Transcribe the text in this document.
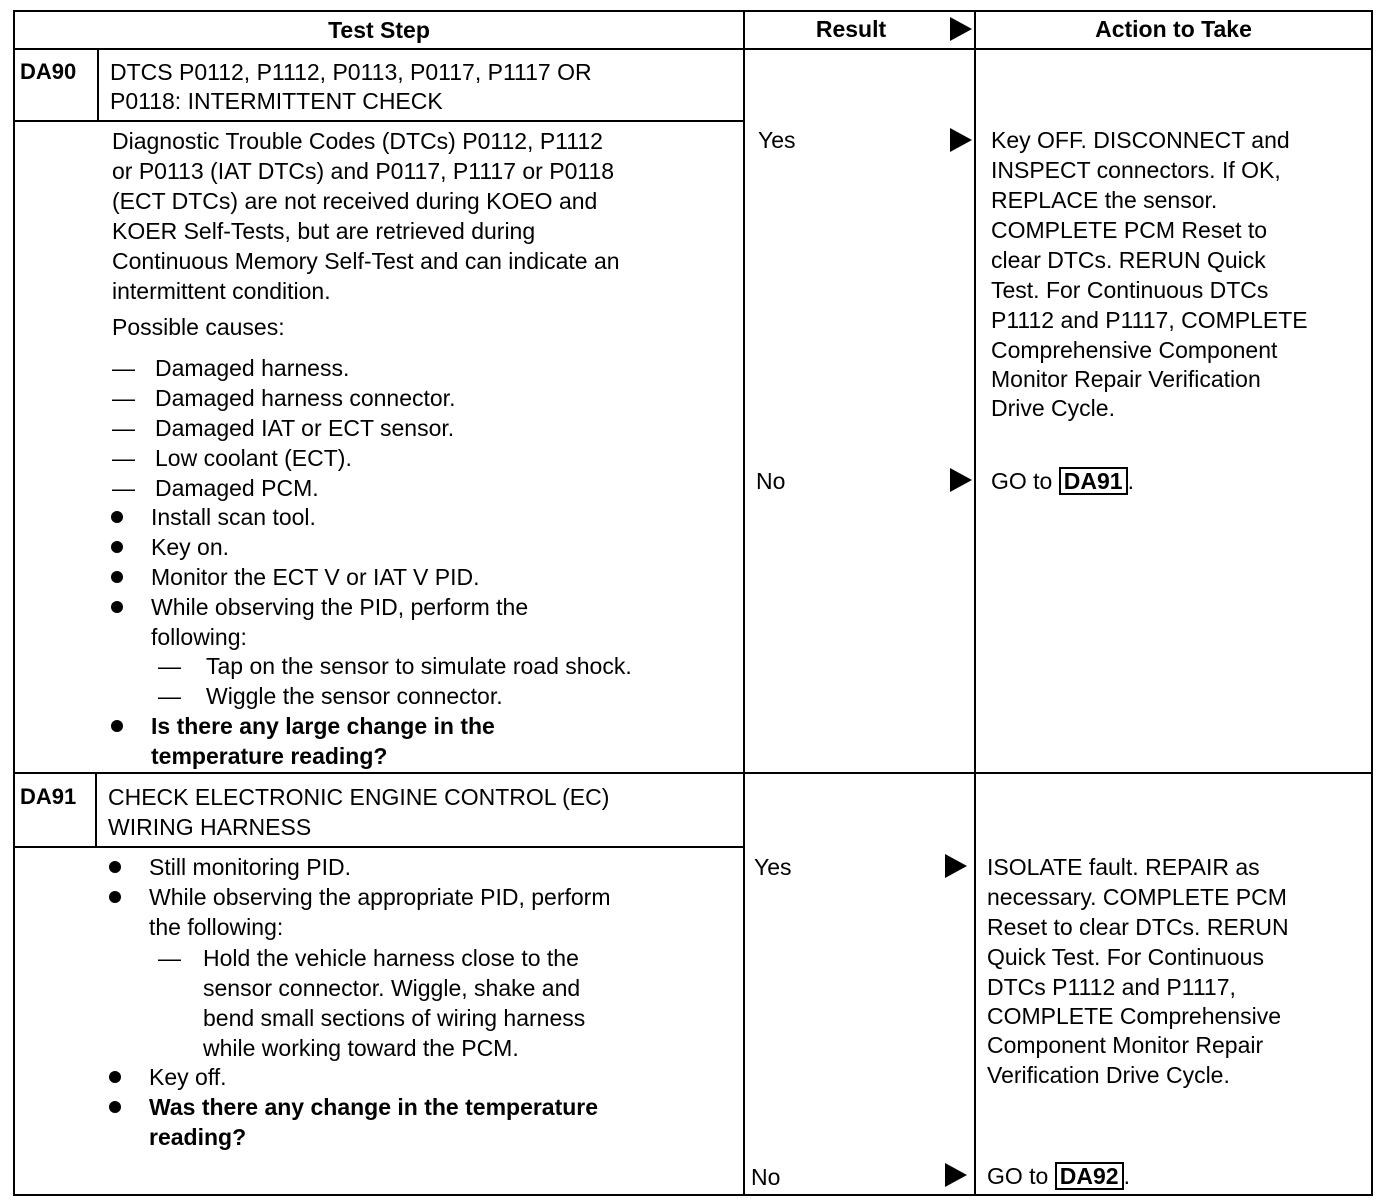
Test Step	Result	Action to Take
DA90 DTCS P0112, P1112, P0113, P0117, P1117 OR
P0118: INTERMITTENT CHECK
Diagnostic Trouble Codes (DTCs) P0112, P1112
or P0113 (IAT DTCs) and P0117, P1117 or P0118
(ECT DTCs) are not received during KOEO and
KOER Self-Tests, but are retrieved during
Continuous Memory Self-Test and can indicate an
intermittent condition.
Possible causes:
— Damaged harness.
— Damaged harness connector.
— Damaged IAT or ECT sensor.
— Low coolant (ECT).
— Damaged PCM.
Install scan tool.
Key on.
Monitor the ECT V or IAT V PID.
While observing the PID, perform the
following:
— Tap on the sensor to simulate road shock.
— Wiggle the sensor connector.
Is there any large change in the
temperature reading?
Yes
No
Key OFF. DISCONNECT and
INSPECT connectors. If OK,
REPLACE the sensor.
COMPLETE PCM Reset to
clear DTCs. RERUN Quick
Test. For Continuous DTCs
P1112 and P1117, COMPLETE
Comprehensive Component
Monitor Repair Verification
Drive Cycle.
GO to DA91 .
DA91 CHECK ELECTRONIC ENGINE CONTROL (EC)
WIRING HARNESS
Still monitoring PID.
While observing the appropriate PID, perform
the following:
— Hold the vehicle harness close to the
sensor connector. Wiggle, shake and
bend small sections of wiring harness
while working toward the PCM.
Key off.
Was there any change in the temperature
reading?
Yes
No
ISOLATE fault. REPAIR as
necessary. COMPLETE PCM
Reset to clear DTCs. RERUN
Quick Test. For Continuous
DTCs P1112 and P1117,
COMPLETE Comprehensive
Component Monitor Repair
Verification Drive Cycle.
GO to DA92 .
